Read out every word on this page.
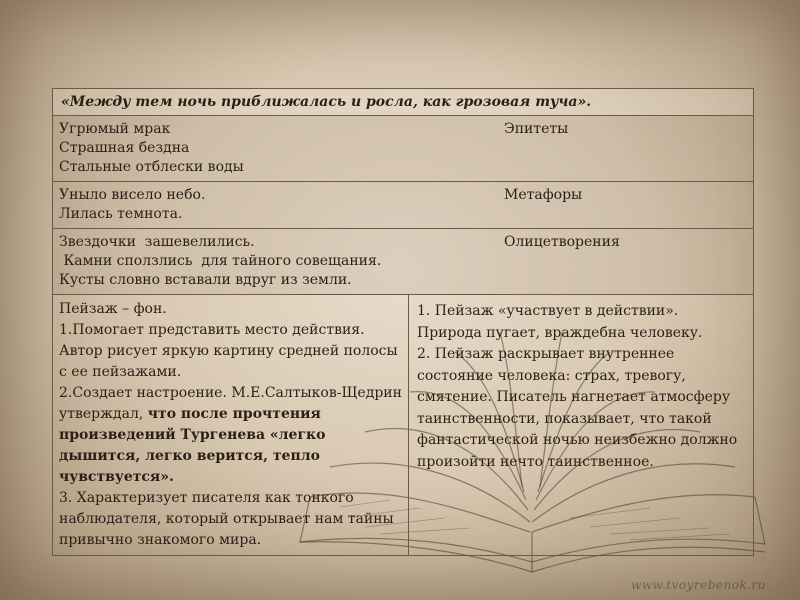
www.tvoyrebenok.ru
«Между тем ночь приближалась и росла, как грозовая туча».
Угрюмый мрак
Страшная бездна
Стальные отблески воды
Эпитеты
Уныло висело небо.
Лилась темнота.
Метафоры
Звездочки  зашевелились.
Камни сползлись  для тайного совещания.
Кусты словно вставали вдруг из земли.
Олицетворения
Пейзаж – фон.
1.Помогает представить место действия. Автор рисует яркую картину средней полосы с ее пейзажами.
2.Создает настроение. М.Е.Салтыков-Щедрин утверждал, что после прочтения произведений Тургенева «легко дышится, легко верится, тепло чувствуется».
3. Характеризует писателя как тонкого наблюдателя, который открывает нам тайны привычно знакомого мира.
1. Пейзаж «участвует в действии». Природа пугает, враждебна человеку.
2. Пейзаж раскрывает внутреннее состояние человека: страх, тревогу, смятение. Писатель нагнетает атмосферу таинственности, показывает, что такой фантастической ночью неизбежно должно произойти нечто таинственное.
